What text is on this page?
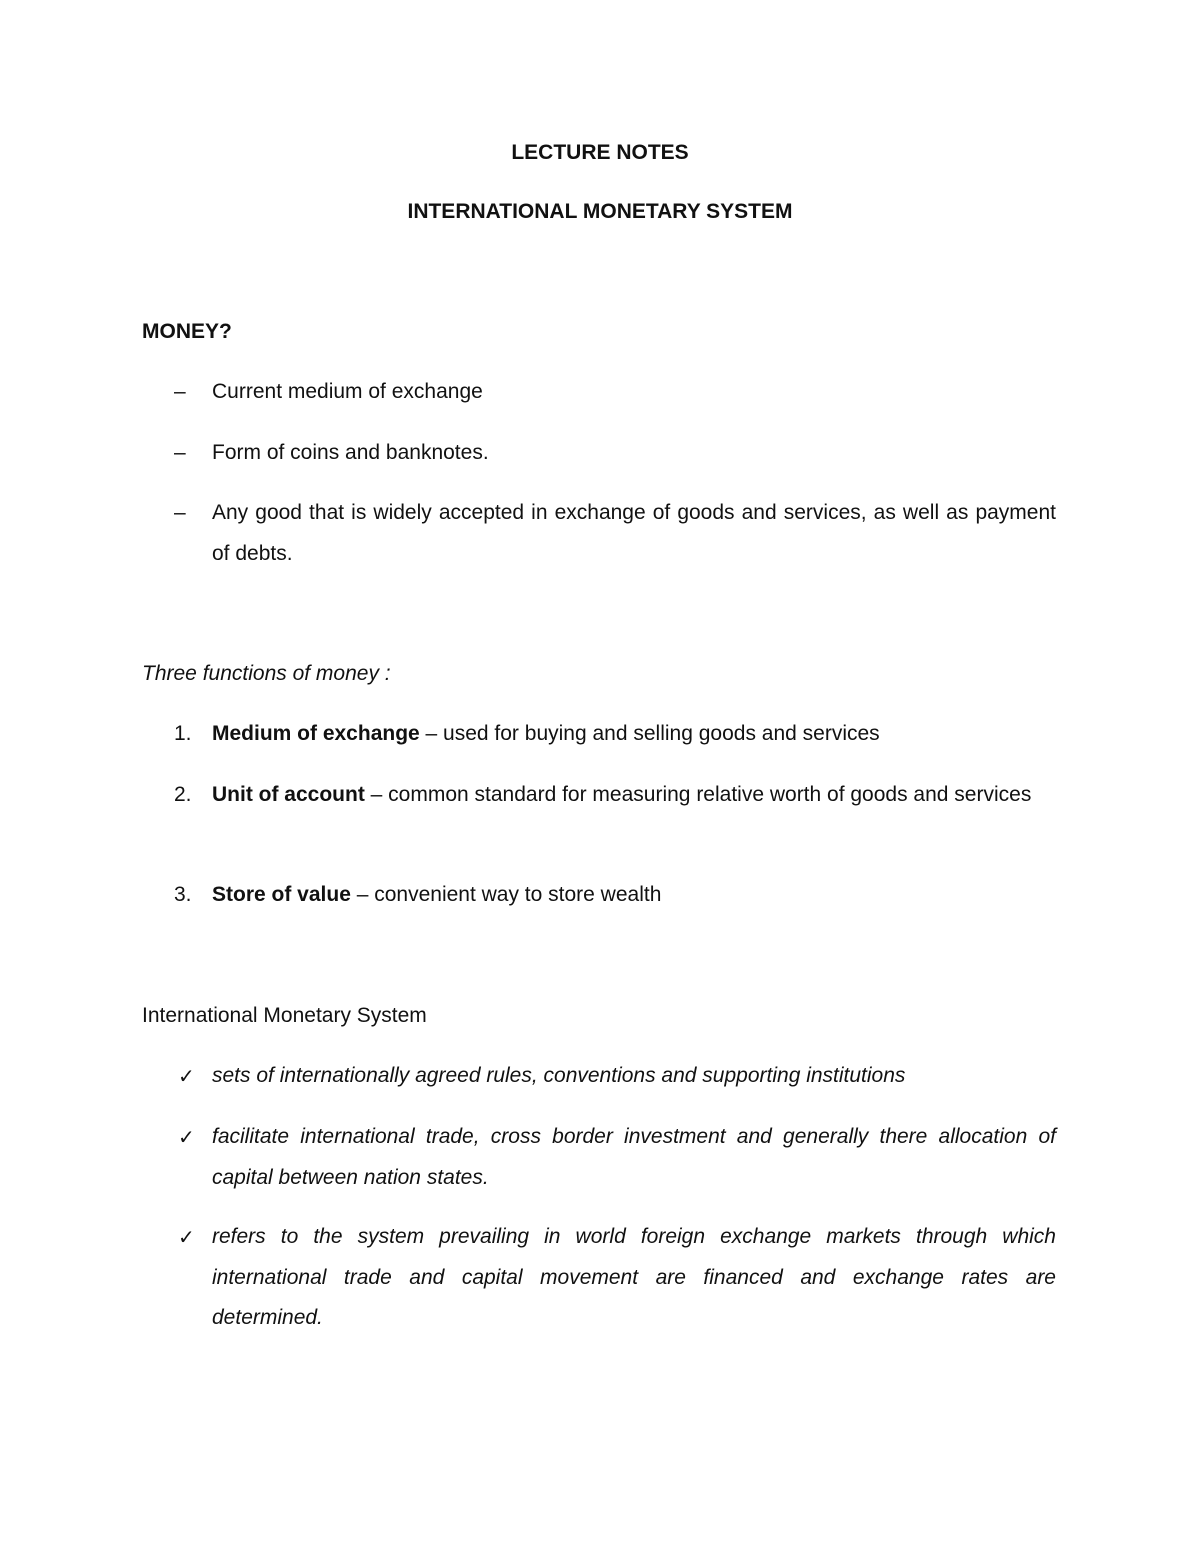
LECTURE NOTES
INTERNATIONAL MONETARY SYSTEM
MONEY?
– Current medium of exchange
– Form of coins and banknotes.
– Any good that is widely accepted in exchange of goods and services, as well as payment of debts.
Three functions of money :
1. Medium of exchange – used for buying and selling goods and services
2. Unit of account – common standard for measuring relative worth of goods and services
3. Store of value – convenient way to store wealth
International Monetary System
✓ sets of internationally agreed rules, conventions and supporting institutions
✓ facilitate international trade, cross border investment and generally there allocation of capital between nation states.
✓ refers to the system prevailing in world foreign exchange markets through which international trade and capital movement are financed and exchange rates are determined.
